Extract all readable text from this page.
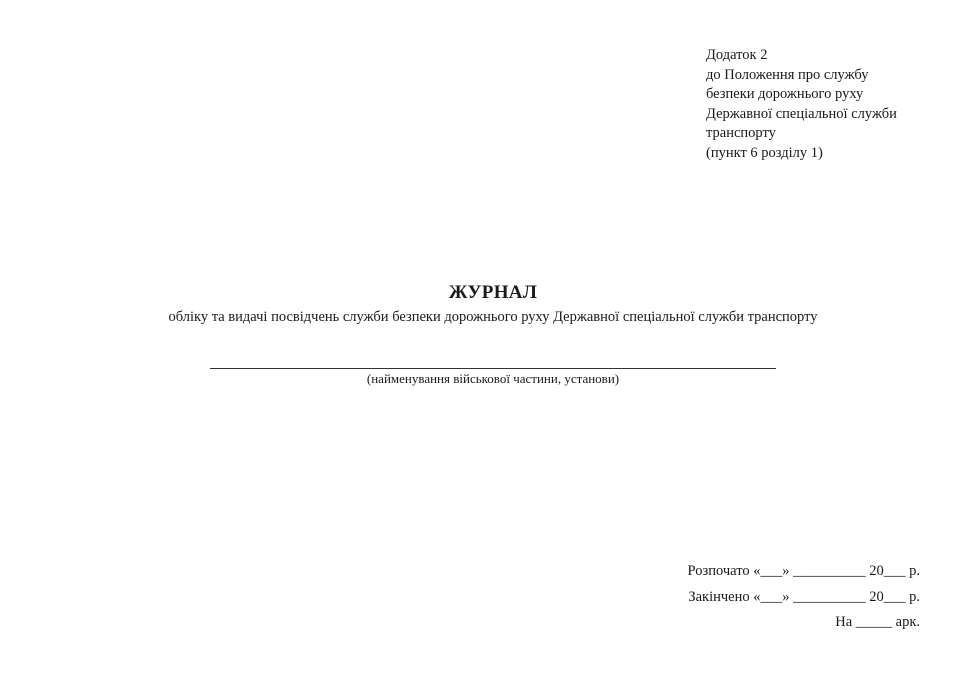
Додаток 2
до Положення про службу
безпеки дорожнього руху
Державної спеціальної служби
транспорту
(пункт 6 розділу 1)
ЖУРНАЛ
обліку та видачі посвідчень служби безпеки дорожнього руху Державної спеціальної служби транспорту
(найменування військової частини, установи)
Розпочато «___» __________ 20___ р.
Закінчено «___» __________ 20___ р.
На _____ арк.
